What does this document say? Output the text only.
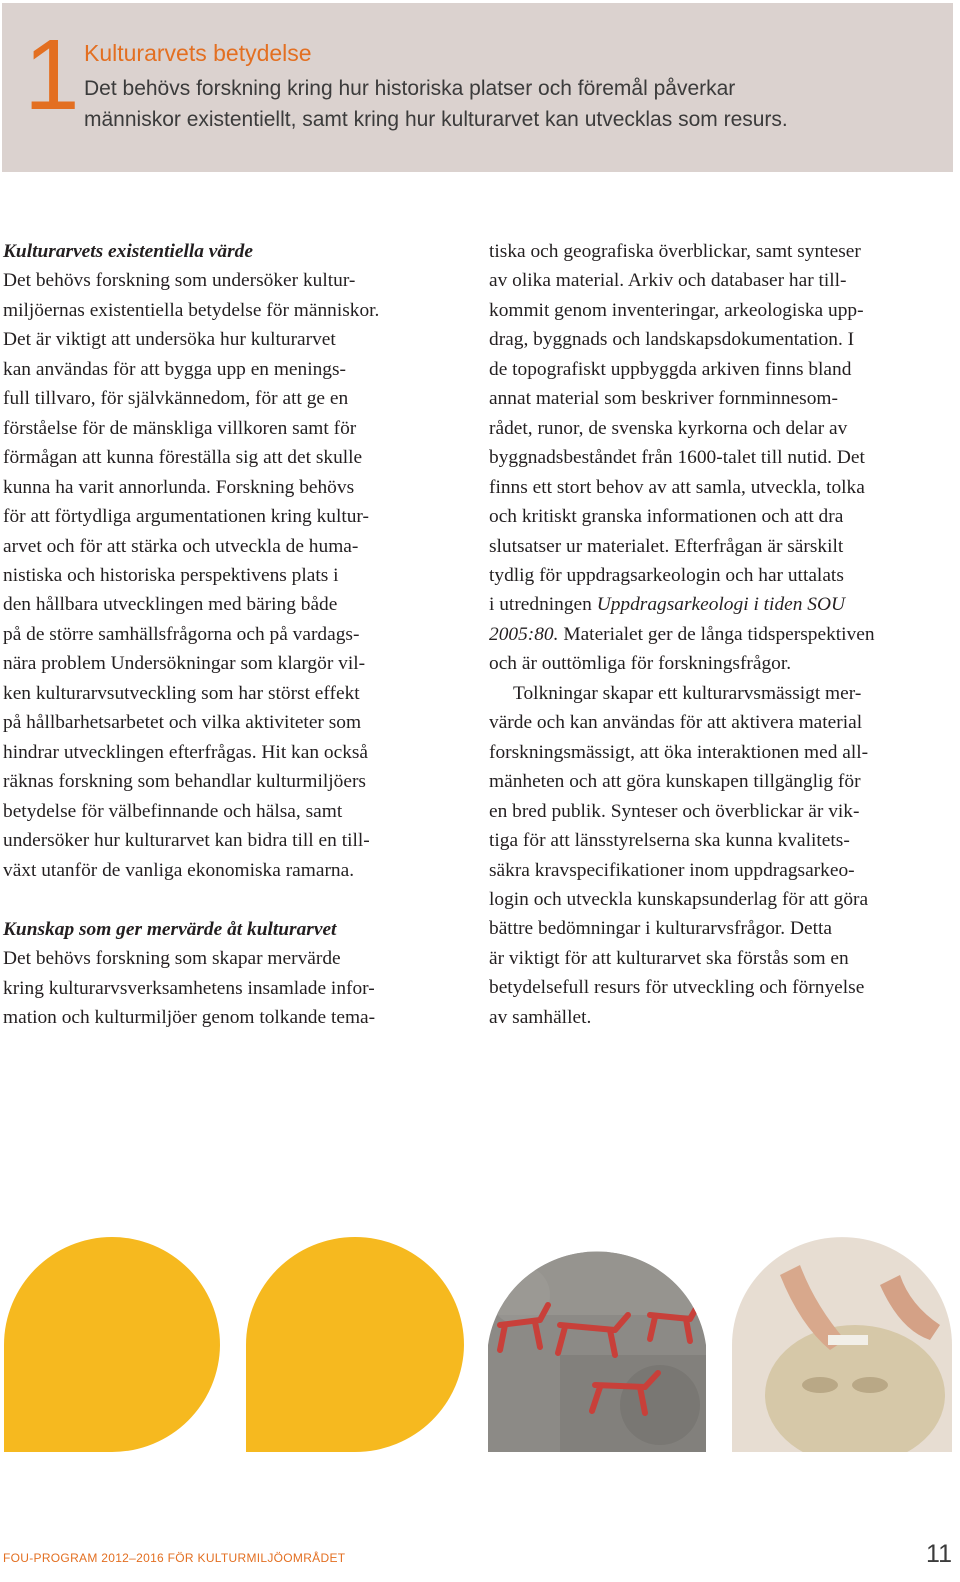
1 Kulturarvets betydelse
Det behövs forskning kring hur historiska platser och föremål påverkar
människor existentiellt, samt kring hur kulturarvet kan utvecklas som resurs.
Kulturarvets existentiella värde
Det behövs forskning som undersöker kultur-
miljöernas existentiella betydelse för människor.
Det är viktigt att undersöka hur kulturarvet
kan användas för att bygga upp en menings-
full tillvaro, för självkännedom, för att ge en
förståelse för de mänskliga villkoren samt för
förmågan att kunna föreställa sig att det skulle
kunna ha varit annorlunda. Forskning behövs
för att förtydliga argumentationen kring kultur-
arvet och för att stärka och utveckla de huma-
nistiska och historiska perspektivens plats i
den hållbara utvecklingen med bäring både
på de större samhällsfrågorna och på vardags-
nära problem Undersökningar som klargör vil-
ken kulturarvsutveckling som har störst effekt
på hållbarhetsarbetet och vilka aktiviteter som
hindrar utvecklingen efterfrågas. Hit kan också
räknas forskning som behandlar kulturmiljöers
betydelse för välbefinnande och hälsa, samt
undersöker hur kulturarvet kan bidra till en till-
växt utanför de vanliga ekonomiska ramarna.
Kunskap som ger mervärde åt kulturarvet
Det behövs forskning som skapar mervärde
kring kulturarvsverksamhetens insamlade infor-
mation och kulturmiljöer genom tolkande tema-
tiska och geografiska överblickar, samt synteser
av olika material. Arkiv och databaser har till-
kommit genom inventeringar, arkeologiska upp-
drag, byggnads och landskapsdokumentation. I
de topografiskt uppbyggda arkiven finns bland
annat material som beskriver fornminnesom-
rådet, runor, de svenska kyrkorna och delar av
byggnadsbeståndet från 1600-talet till nutid. Det
finns ett stort behov av att samla, utveckla, tolka
och kritiskt granska informationen och att dra
slutsatser ur materialet. Efterfrågan är särskilt
tydlig för uppdragsarkeologin och har uttalats
i utredningen Uppdragsarkeologi i tiden SOU
2005:80. Materialet ger de långa tidsperspektiven
och är outtömliga för forskningsfrågor.
Tolkningar skapar ett kulturarvsmässigt mer-
värde och kan användas för att aktivera material
forskningsmässigt, att öka interaktionen med all-
mänheten och att göra kunskapen tillgänglig för
en bred publik. Synteser och överblickar är vik-
tiga för att länsstyrelserna ska kunna kvalitets-
säkra kravspecifikationer inom uppdragsarkeo-
login och utveckla kunskapsunderlag för att göra
bättre bedömningar i kulturarvsfrågor. Detta
är viktigt för att kulturarvet ska förstås som en
betydelsefull resurs för utveckling och förnyelse
av samhället.
FOU-PROGRAM 2012–2016 FÖR KULTURMILJÖOMRÅDET	11
